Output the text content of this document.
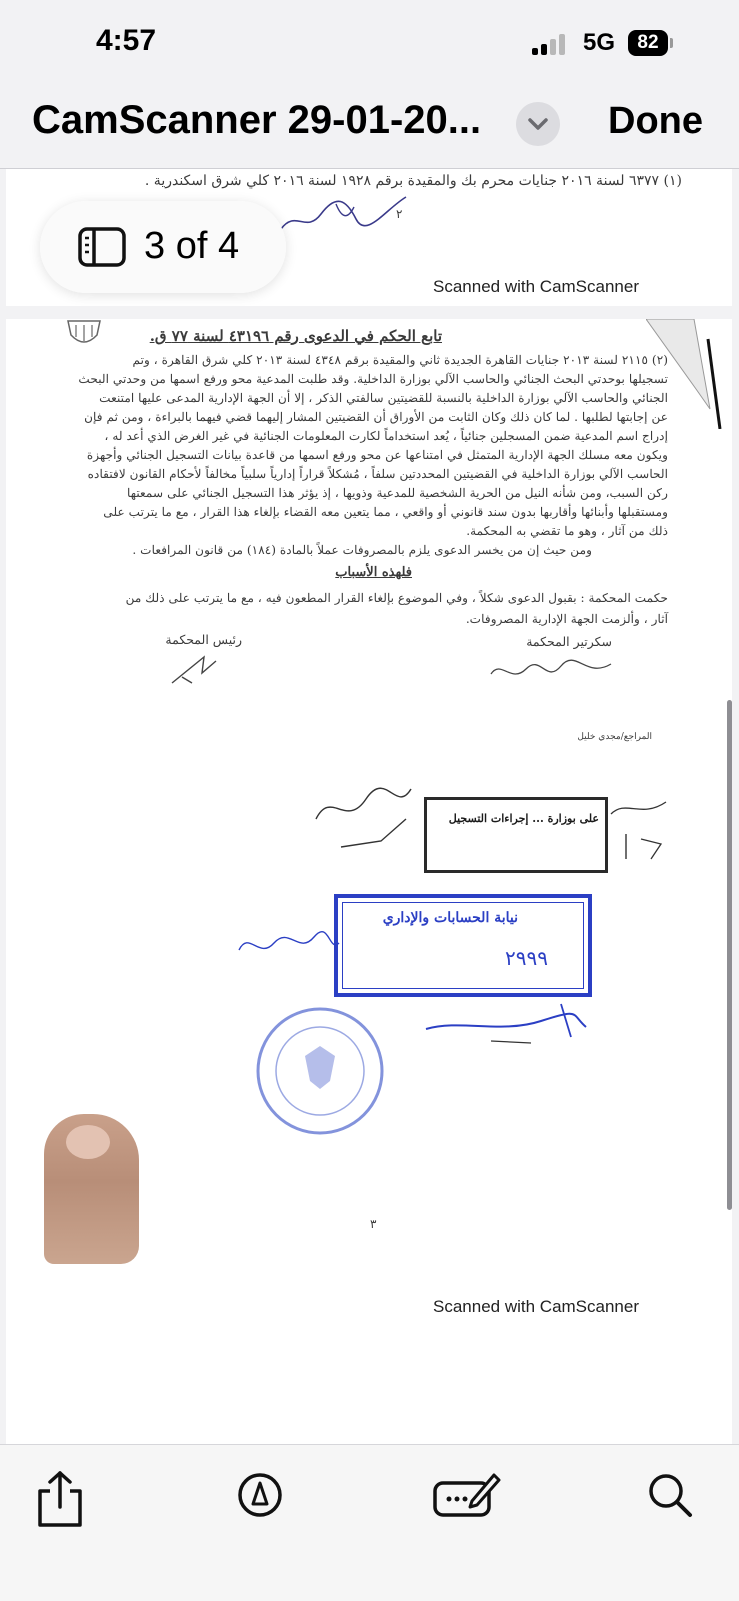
4:57	5G	82
CamScanner 29-01-20...	Done
(١) ٦٣٧٧ لسنة ٢٠١٦ جنايات محرم بك والمقيدة برقم ١٩٢٨ لسنة ٢٠١٦ كلي شرق اسكندرية .
٢
Scanned with CamScanner
تابع الحكم في الدعوى رقم ٤٣١٩٦ لسنة ٧٧ ق.
(٢) ٢١١٥ لسنة ٢٠١٣ جنايات القاهرة الجديدة ثاني والمقيدة برقم ٤٣٤٨ لسنة ٢٠١٣ كلي شرق القاهرة ، وتم
تسجيلها بوحدتي البحث الجنائي والحاسب الآلي بوزارة الداخلية. وقد طلبت المدعية محو ورفع اسمها من وحدتي البحث
الجنائي والحاسب الآلي بوزارة الداخلية بالنسبة للقضيتين سالفتي الذكر ، إلا أن الجهة الإدارية المدعى عليها امتنعت
عن إجابتها لطلبها . لما كان ذلك وكان الثابت من الأوراق أن القضيتين المشار إليهما قضي فيهما بالبراءة ، ومن ثم فإن
إدراج اسم المدعية ضمن المسجلين جنائياً ، يُعد استخداماً لكارت المعلومات الجنائية في غير الغرض الذي أعد له ،
ويكون معه مسلك الجهة الإدارية المتمثل في امتناعها عن محو ورفع اسمها من قاعدة بيانات التسجيل الجنائي وأجهزة
الحاسب الآلي بوزارة الداخلية في القضيتين المحددتين سلفاً ، مُشكلاً قراراً إدارياً سلبياً مخالفاً لأحكام القانون لافتقاده
ركن السبب، ومن شأنه النيل من الحرية الشخصية للمدعية وذويها ، إذ يؤثر هذا التسجيل الجنائي على سمعتها
ومستقبلها وأبنائها وأقاربها بدون سند قانوني أو واقعي ، مما يتعين معه القضاء بإلغاء هذا القرار ، مع ما يترتب على
ذلك من آثار ، وهو ما تقضي به المحكمة.
ومن حيث إن من يخسر الدعوى يلزم بالمصروفات عملاً بالمادة (١٨٤) من قانون المرافعات .
فلهذه الأسباب
حكمت المحكمة : بقبول الدعوى شكلاً ، وفي الموضوع بإلغاء القرار المطعون فيه ، مع ما يترتب على ذلك من
آثار ، وألزمت الجهة الإدارية المصروفات.
رئيس المحكمة	سكرتير المحكمة
المراجع/مجدي خليل
على بوزارة ... إجراءات التسجيل
نيابة الحسابات والإداري
٢٩٩٩
٣
Scanned with CamScanner
3 of 4
